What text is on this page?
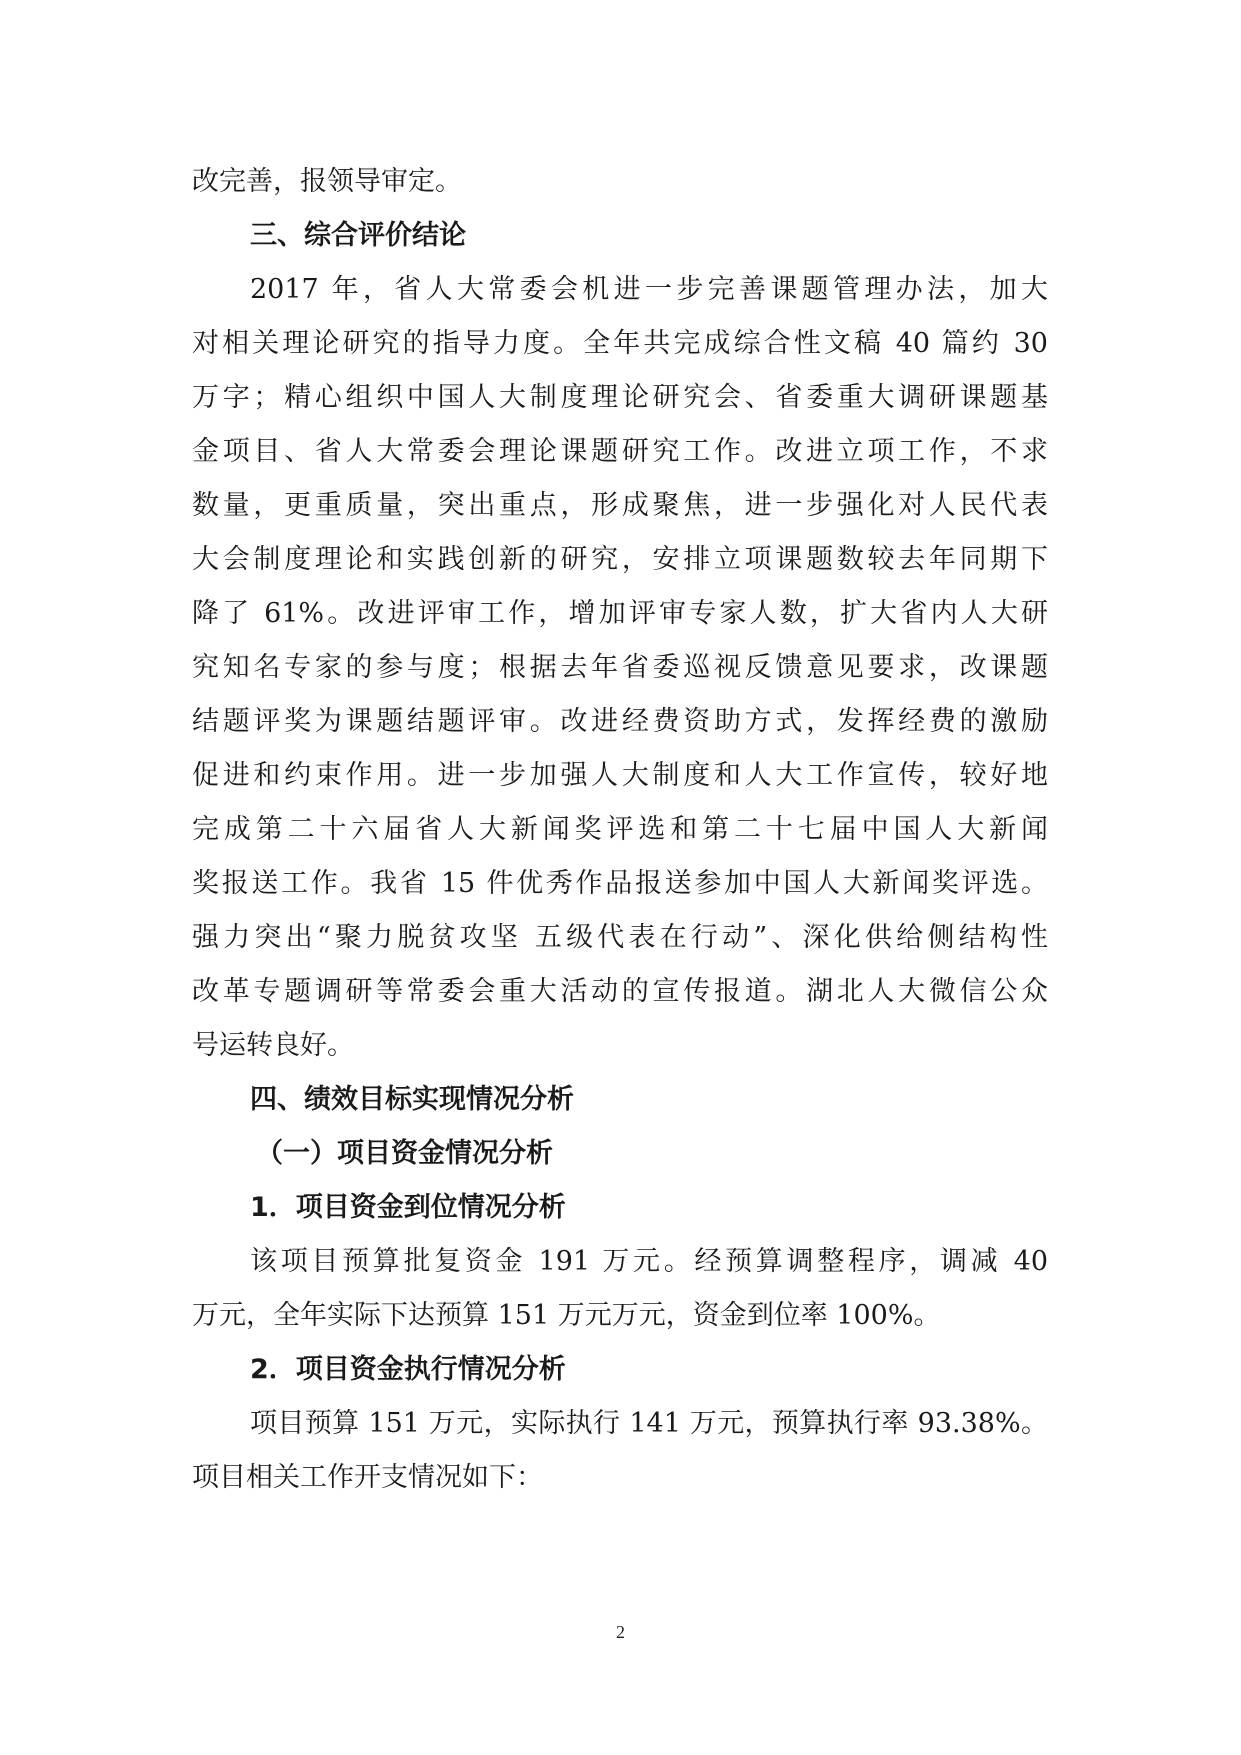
改完善，报领导审定。
三、综合评价结论
2017 年，省人大常委会机进一步完善课题管理办法，加大
对相关理论研究的指导力度。全年共完成综合性文稿 40 篇约 30
万字；精心组织中国人大制度理论研究会、省委重大调研课题基
金项目、省人大常委会理论课题研究工作。改进立项工作，不求
数量，更重质量，突出重点，形成聚焦，进一步强化对人民代表
大会制度理论和实践创新的研究，安排立项课题数较去年同期下
降了 61%。改进评审工作，增加评审专家人数，扩大省内人大研
究知名专家的参与度；根据去年省委巡视反馈意见要求，改课题
结题评奖为课题结题评审。改进经费资助方式，发挥经费的激励
促进和约束作用。进一步加强人大制度和人大工作宣传，较好地
完成第二十六届省人大新闻奖评选和第二十七届中国人大新闻
奖报送工作。我省 15 件优秀作品报送参加中国人大新闻奖评选。
强力突出“聚力脱贫攻坚 五级代表在行动”、深化供给侧结构性
改革专题调研等常委会重大活动的宣传报道。湖北人大微信公众
号运转良好。
四、绩效目标实现情况分析
（一）项目资金情况分析
1．项目资金到位情况分析
该项目预算批复资金 191 万元。经预算调整程序，调减 40
万元，全年实际下达预算 151 万元万元，资金到位率 100%。
2．项目资金执行情况分析
项目预算 151 万元，实际执行 141 万元，预算执行率 93.38%。
项目相关工作开支情况如下：
2
